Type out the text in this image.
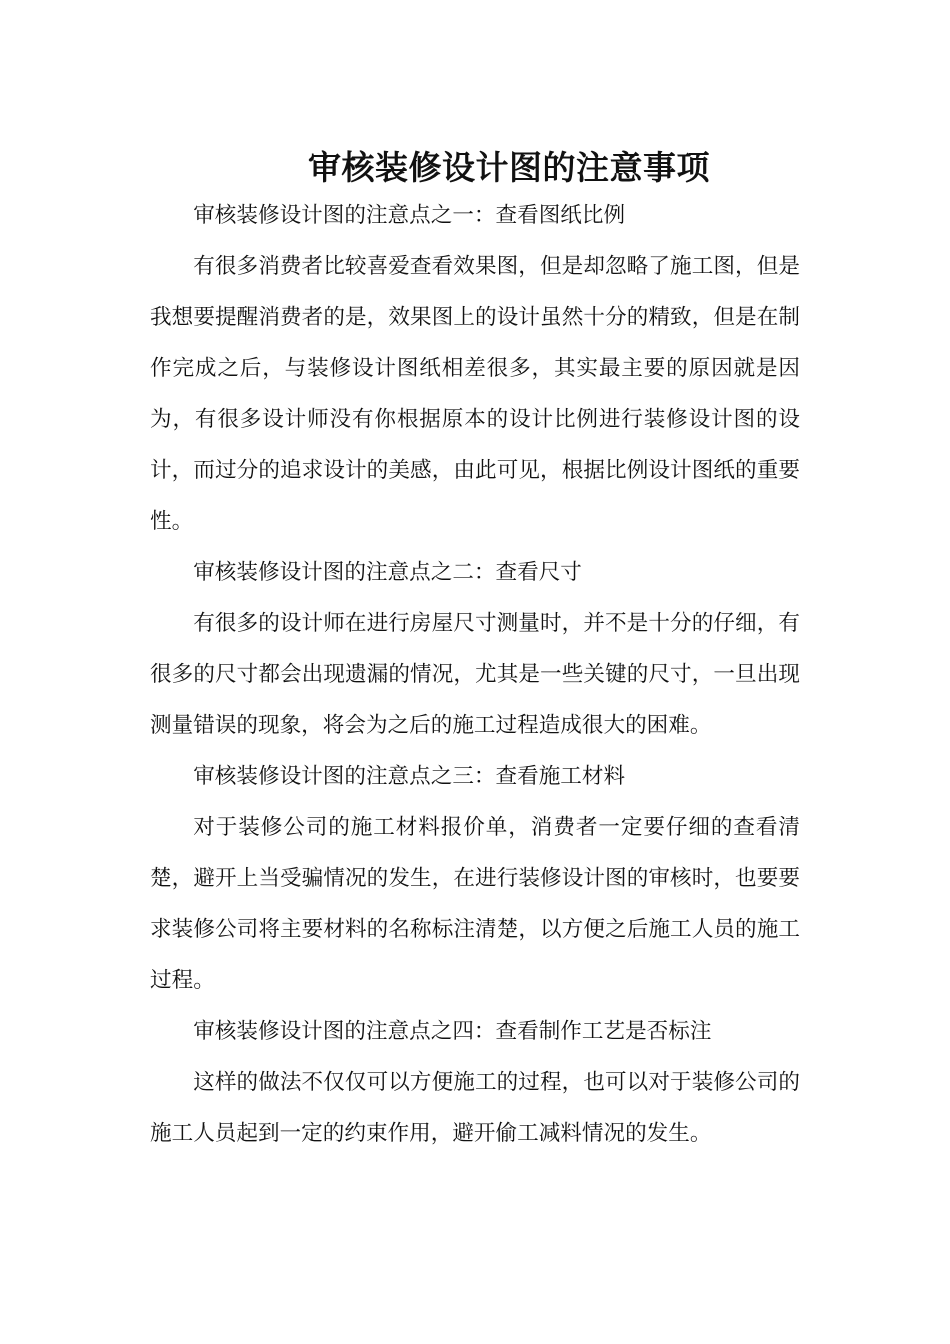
审核装修设计图的注意事项

审核装修设计图的注意点之一：查看图纸比例

有很多消费者比较喜爱查看效果图，但是却忽略了施工图，但是我想要提醒消费者的是，效果图上的设计虽然十分的精致，但是在制作完成之后，与装修设计图纸相差很多，其实最主要的原因就是因为，有很多设计师没有你根据原本的设计比例进行装修设计图的设计，而过分的追求设计的美感，由此可见，根据比例设计图纸的重要性。

审核装修设计图的注意点之二：查看尺寸

有很多的设计师在进行房屋尺寸测量时，并不是十分的仔细，有很多的尺寸都会出现遗漏的情况，尤其是一些关键的尺寸，一旦出现测量错误的现象，将会为之后的施工过程造成很大的困难。

审核装修设计图的注意点之三：查看施工材料

对于装修公司的施工材料报价单，消费者一定要仔细的查看清楚，避开上当受骗情况的发生，在进行装修设计图的审核时，也要要求装修公司将主要材料的名称标注清楚，以方便之后施工人员的施工过程。

审核装修设计图的注意点之四：查看制作工艺是否标注

这样的做法不仅仅可以方便施工的过程，也可以对于装修公司的施工人员起到一定的约束作用，避开偷工减料情况的发生。
